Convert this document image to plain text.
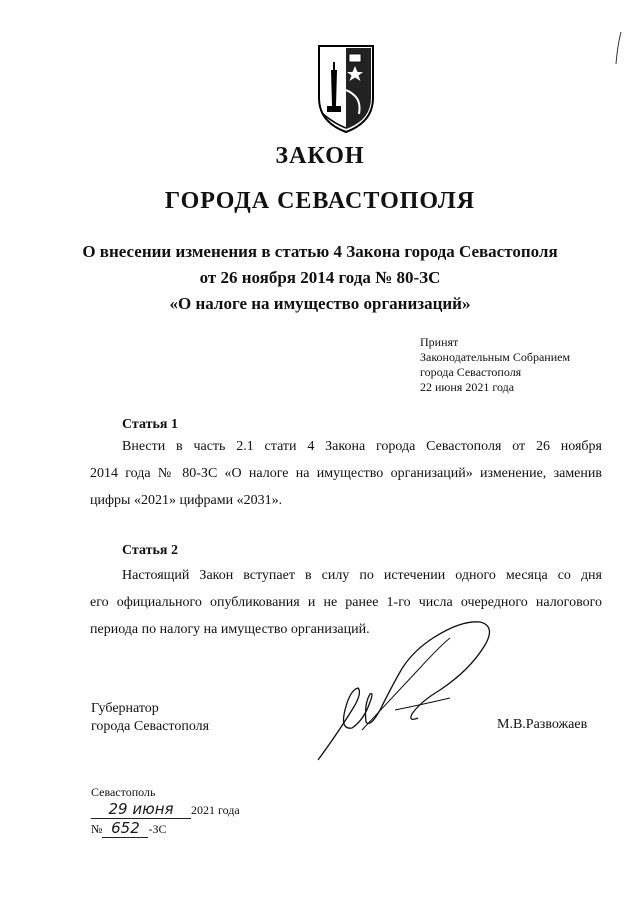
ЗАКОН
ГОРОДА СЕВАСТОПОЛЯ
О внесении изменения в статью 4 Закона города Севастополя
от 26 ноября 2014 года № 80-ЗС
«О налоге на имущество организаций»
Принят
Законодательным Собранием
города Севастополя
22 июня 2021 года
Статья 1
Внести в часть 2.1 стати 4 Закона города Севастополя от 26 ноября
2014 года № 80-ЗС «О налоге на имущество организаций» изменение, заменив
цифры «2021» цифрами «2031».
Статья 2
Настоящий Закон вступает в силу по истечении одного месяца со дня
его официального опубликования и не ранее 1-го числа очередного налогового
периода по налогу на имущество организаций.
Губернатор
города Севастополя	М.В.Развожаев
Севастополь
29 июня 2021 года
№ 652 -ЗС
